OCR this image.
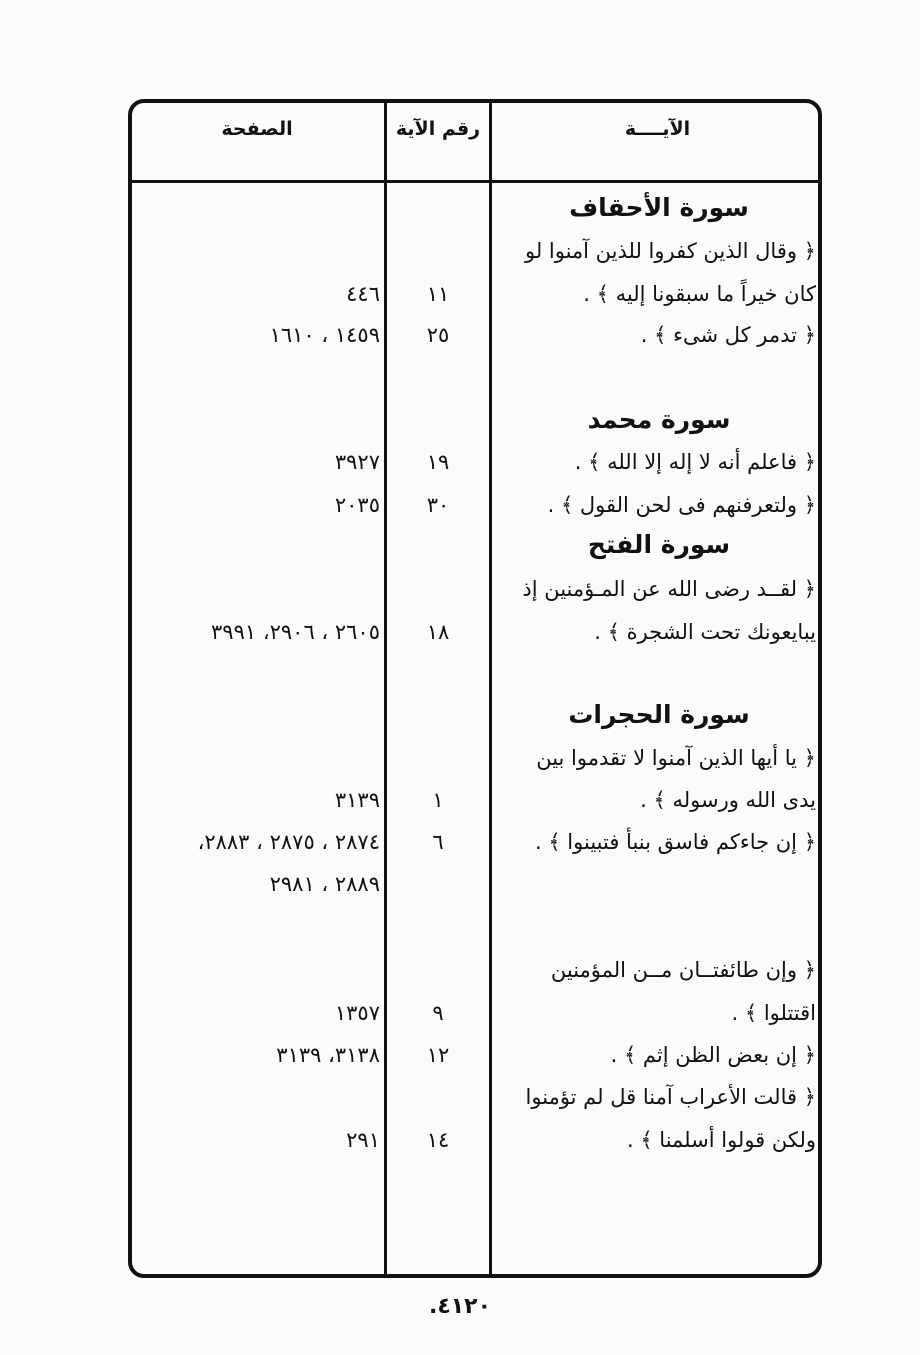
الآيــــة
رقم الآية
الصفحة
سورة الأحقاف
﴿ وقال الذين كفروا للذين آمنوا لو
كان خيراً ما سبقونا إليه ﴾ .
١١
٤٤٦
﴿ تدمر كل شىء ﴾ .
٢٥
١٤٥٩ ، ١٦١٠
سورة محمد
﴿ فاعلم أنه لا إله إلا الله ﴾ .
١٩
٣٩٢٧
﴿ ولتعرفنهم فى لحن القول ﴾ .
٣٠
٢٠٣٥
سورة الفتح
﴿ لقــد رضى الله عن المـؤمنين إذ
يبايعونك تحت الشجرة ﴾ .
١٨
٢٦٠٥ ، ٢٩٠٦، ٣٩٩١
سورة الحجرات
﴿ يا أيها الذين آمنوا لا تقدموا بين
يدى الله ورسوله ﴾ .
١
٣١٣٩
﴿ إن جاءكم فاسق بنبأ فتبينوا ﴾ .
٦
٢٨٧٤ ، ٢٨٧٥ ، ٢٨٨٣،
٢٨٨٩ ، ٢٩٨١
﴿ وإن طائفتــان مــن المؤمنين
اقتتلوا ﴾ .
٩
١٣٥٧
﴿ إن بعض الظن إثم ﴾ .
١٢
٣١٣٨، ٣١٣٩
﴿ قالت الأعراب آمنا قل لم تؤمنوا
ولكن قولوا أسلمنا ﴾ .
١٤
٢٩١
٤١٢٠.
